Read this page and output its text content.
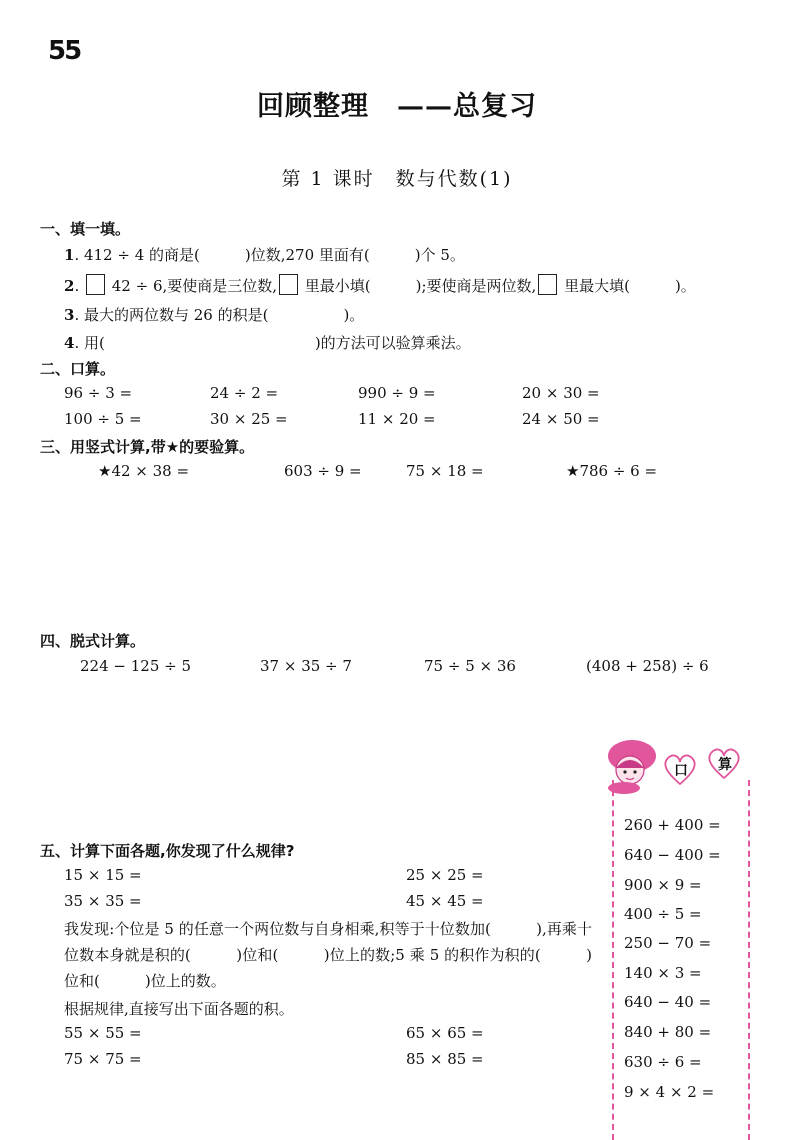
55
回顾整理　——总复习
第 1 课时　数与代数(1)
一、填一填。
1. 412 ÷ 4 的商是(　　　)位数,270 里面有(　　　)个 5。
2.  42 ÷ 6,要使商是三位数, 里最小填(　　　);要使商是两位数, 里最大填(　　　)。
3. 最大的两位数与 26 的积是(　　　　　)。
4. 用(　　　　　　　　　　　　　　)的方法可以验算乘法。
二、口算。
96 ÷ 3 =	24 ÷ 2 =	990 ÷ 9 =	20 × 30 =
100 ÷ 5 =	30 × 25 =	11 × 20 =	24 × 50 =
三、用竖式计算,带★的要验算。
★42 × 38 =	603 ÷ 9 =	75 × 18 =	★786 ÷ 6 =
四、脱式计算。
224 − 125 ÷ 5	37 × 35 ÷ 7	75 ÷ 5 × 36	(408 + 258) ÷ 6
五、计算下面各题,你发现了什么规律?
15 × 15 =	25 × 25 =
35 × 35 =	45 × 45 =
我发现:个位是 5 的任意一个两位数与自身相乘,积等于十位数加(　　　),再乘十位数本身就是积的(　　　)位和(　　　)位上的数;5 乘 5 的积作为积的(　　　)位和(　　　)位上的数。
根据规律,直接写出下面各题的积。
55 × 55 =	65 × 65 =
75 × 75 =	85 × 85 =
口 算
260 + 400 =
640 − 400 =
900 × 9 =
400 ÷ 5 =
250 − 70 =
140 × 3 =
640 − 40 =
840 + 80 =
630 ÷ 6 =
9 × 4 × 2 =
